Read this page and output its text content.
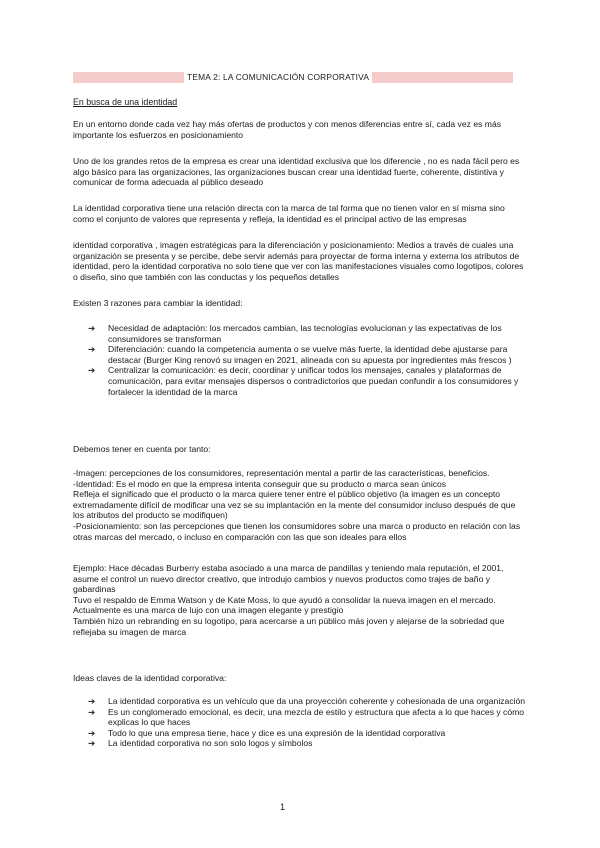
TEMA 2: LA COMUNICACIÓN CORPORATIVA
En busca de una identidad

En un entorno donde cada vez hay más ofertas de productos y con menos diferencias entre sí, cada vez es más importante los esfuerzos en posicionamiento

Uno de los grandes retos de la empresa es crear una identidad exclusiva que los diferencie , no es nada fácil pero es algo básico para las organizaciones, las organizaciones buscan crear una identidad fuerte, coherente, distintiva y comunicar de forma adecuada al público deseado

La identidad corporativa tiene una relación directa con la marca de tal forma que no tienen valor en sí misma sino como el conjunto de valores que representa y refleja, la identidad es el principal activo de las empresas

identidad corporativa , imagen estratégicas para la diferenciación y posicionamiento: Medios a través de cuales una organización se presenta y se percibe, debe servir además para proyectar de forma interna y externa los atributos de identidad, pero la identidad corporativa no solo tiene que ver con las manifestaciones visuales como logotipos, colores o diseño, sino que también con las conductas y los pequeños detalles

Existen 3 razones para cambiar la identidad:

➔ Necesidad de adaptación: los mercados cambian, las tecnologías evolucionan y las expectativas de los consumidores se transforman
➔ Diferenciación: cuando la competencia aumenta o se vuelve más fuerte, la identidad debe ajustarse para destacar (Burger King renovó su imagen en 2021, alineada con su apuesta por ingredientes más frescos )
➔ Centralizar la comunicación: es decir, coordinar y unificar todos los mensajes, canales y plataformas de comunicación, para evitar mensajes dispersos o contradictorios que puedan confundir a los consumidores y fortalecer la identidad de la marca

Debemos tener en cuenta por tanto:

-Imagen: percepciones de los consumidores, representación mental a partir de las características, beneficios.
-Identidad: Es el modo en que la empresa intenta conseguir que su producto o marca sean únicos
Refleja el significado que el producto o la marca quiere tener entre el público objetivo (la imagen es un concepto extremadamente difícil de modificar una vez se su implantación en la mente del consumidor incluso después de que los atributos del producto se modifiquen)
-Posicionamiento: son las percepciones que tienen los consumidores sobre una marca o producto en relación con las otras marcas del mercado, o incluso en comparación con las que son ideales para ellos
Ejemplo: Hace décadas Burberry estaba asociado a una marca de pandillas y teniendo mala reputación, el 2001, asume el control un nuevo director creativo, que introdujo cambios y nuevos productos como trajes de baño y gabardinas
Tuvo el respaldo de Emma Watson y de Kate Moss, lo que ayudó a consolidar la nueva imagen en el mercado. Actualmente es una marca de lujo con una imagen elegante y prestigio
También hizo un rebranding en su logotipo, para acercarse a un público más joven y alejarse de la sobriedad que reflejaba su imagen de marca

Ideas claves de la identidad corporativa:

➔ La identidad corporativa es un vehículo que da una proyección coherente y cohesionada de una organización
➔ Es un conglomerado emocional, es decir, una mezcla de estilo y estructura que afecta a lo que haces y cómo explicas lo que haces
➔ Todo lo que una empresa tiene, hace y dice es una expresión de la identidad corporativa
➔ La identidad corporativa no son solo logos y símbolos
1
